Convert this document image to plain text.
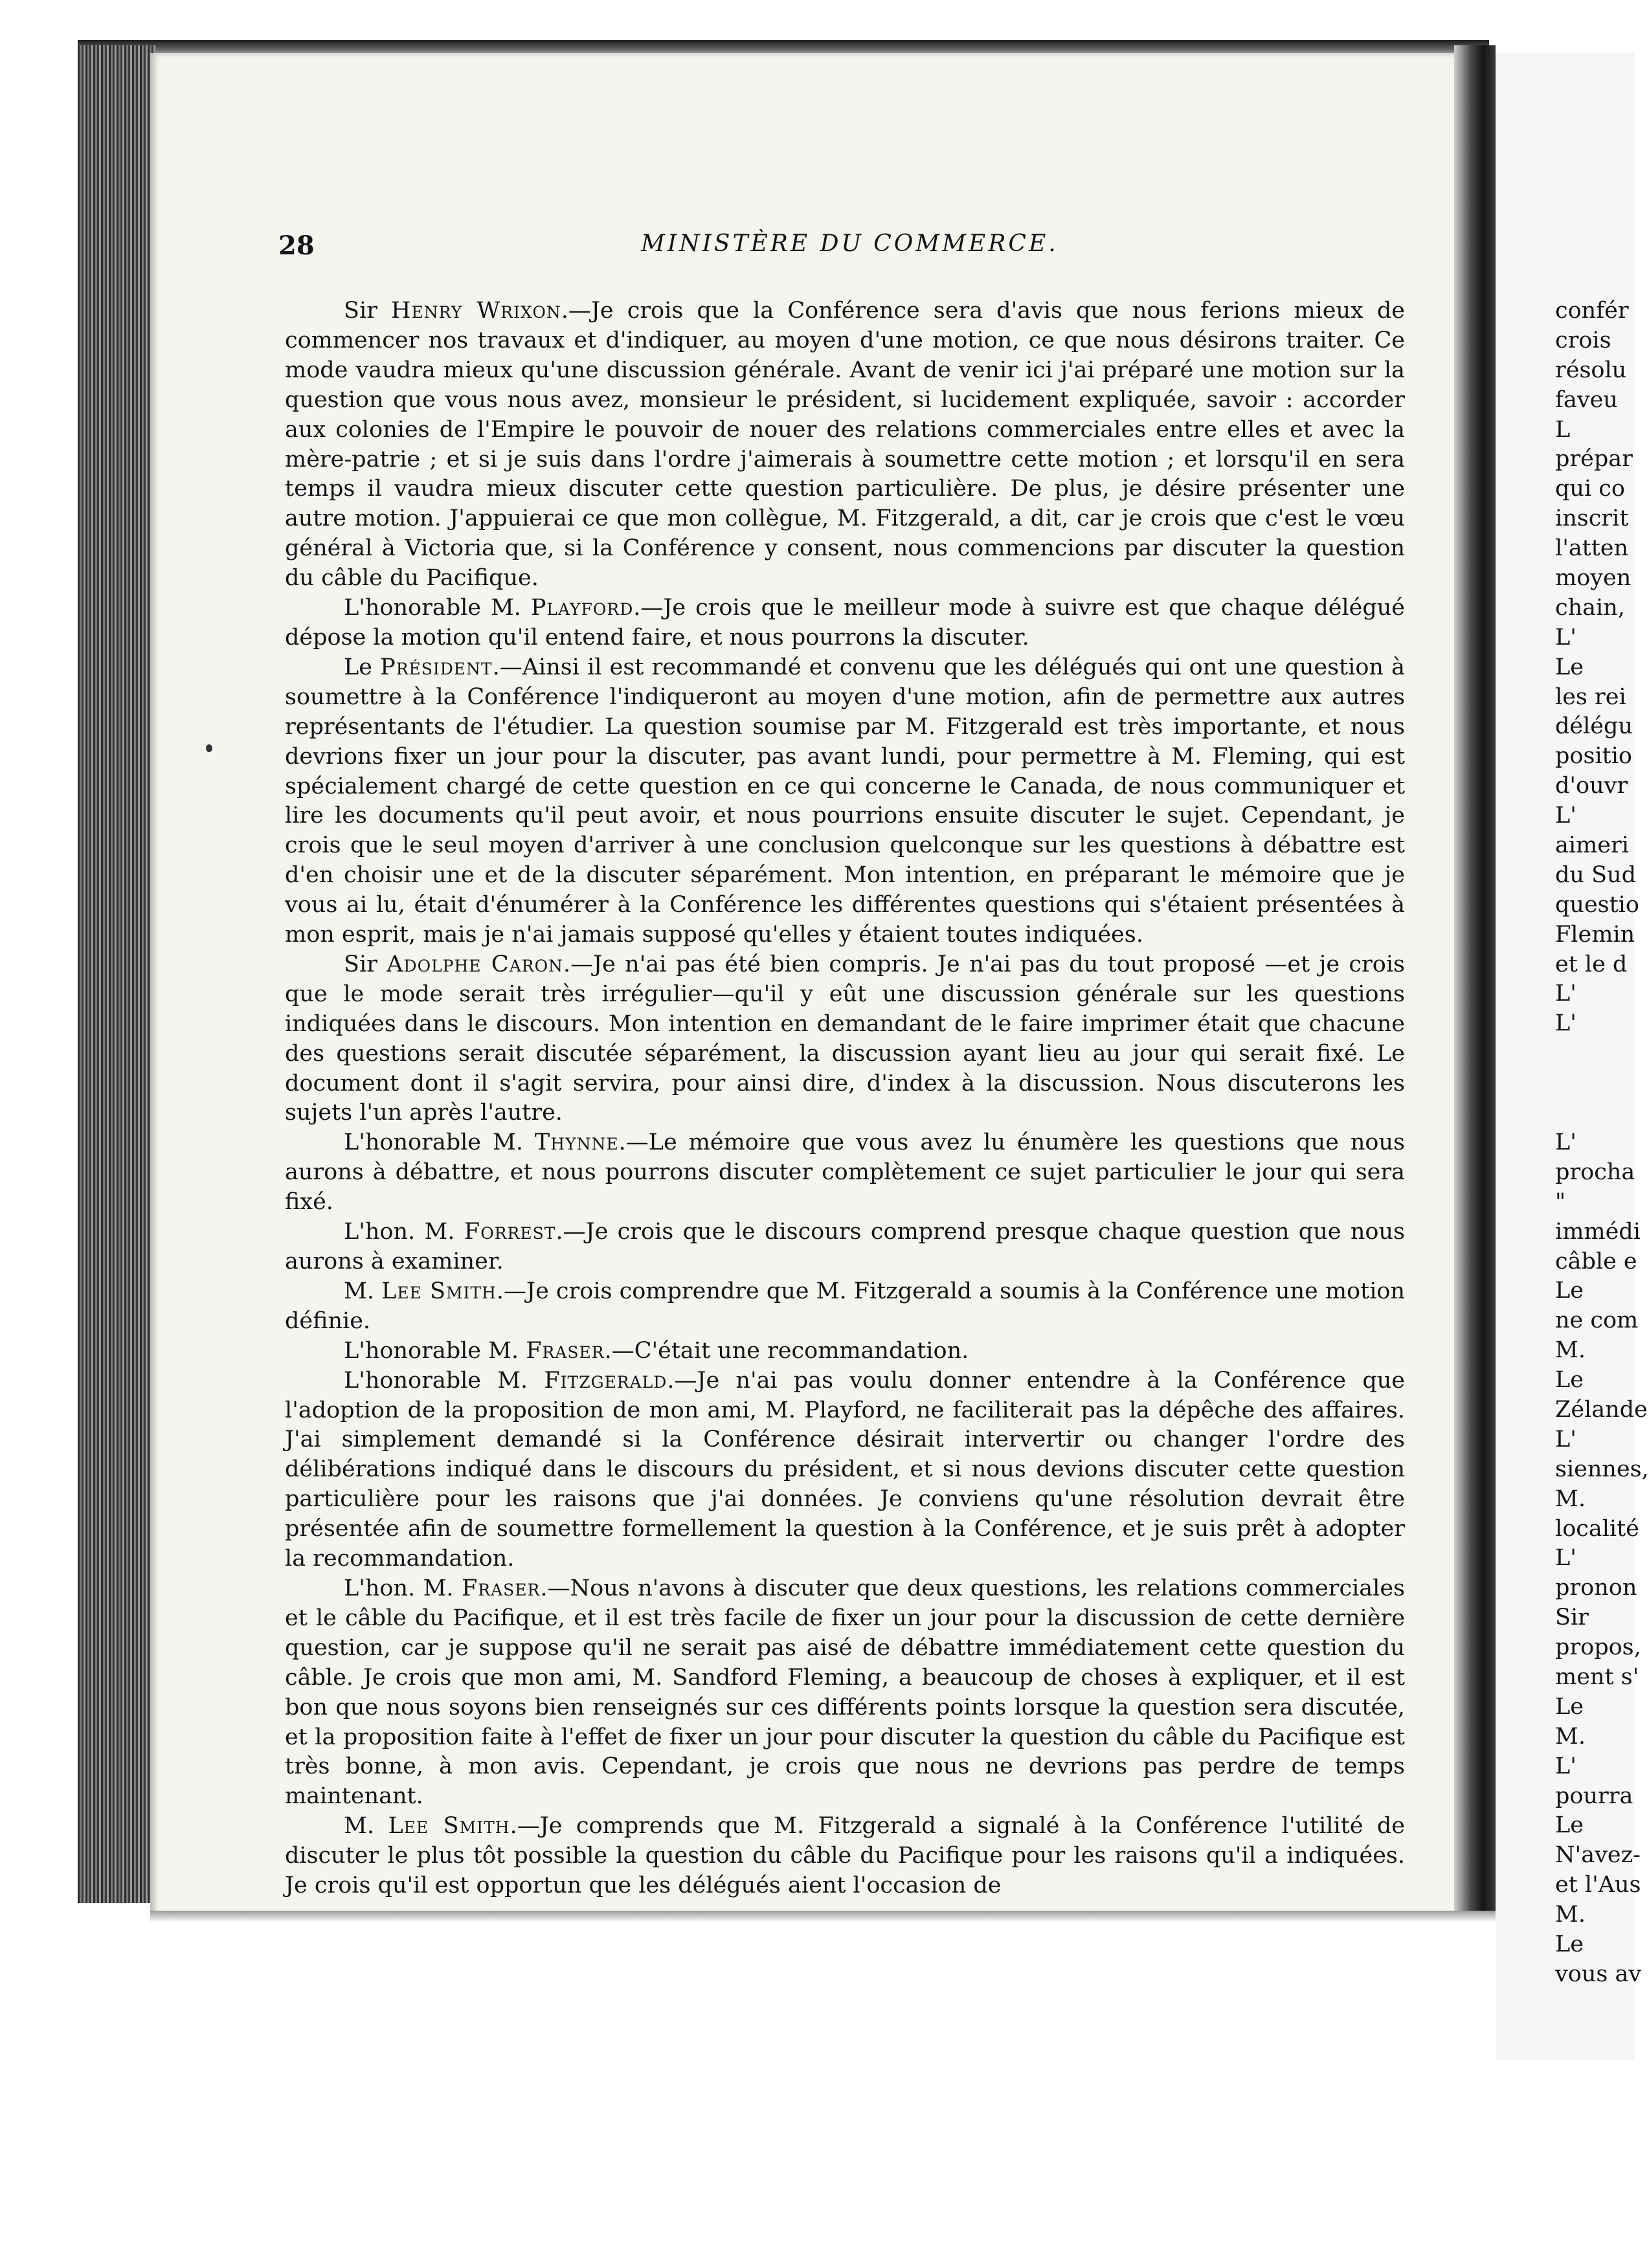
28	MINISTÈRE DU COMMERCE.

Sir Henry Wrixon.—Je crois que la Conférence sera d'avis que nous ferions mieux de commencer nos travaux et d'indiquer, au moyen d'une motion, ce que nous désirons traiter. Ce mode vaudra mieux qu'une discussion générale. Avant de venir ici j'ai préparé une motion sur la question que vous nous avez, monsieur le président, si lucidement expliquée, savoir : accorder aux colonies de l'Empire le pouvoir de nouer des relations commerciales entre elles et avec la mère-patrie ; et si je suis dans l'ordre j'aimerais à soumettre cette motion ; et lorsqu'il en sera temps il vaudra mieux discuter cette question particulière. De plus, je désire présenter une autre motion. J'appuierai ce que mon collègue, M. Fitzgerald, a dit, car je crois que c'est le vœu général à Victoria que, si la Conférence y consent, nous commencions par discuter la question du câble du Pacifique.

L'honorable M. Playford.—Je crois que le meilleur mode à suivre est que chaque délégué dépose la motion qu'il entend faire, et nous pourrons la discuter.

Le Président.—Ainsi il est recommandé et convenu que les délégués qui ont une question à soumettre à la Conférence l'indiqueront au moyen d'une motion, afin de permettre aux autres représentants de l'étudier. La question soumise par M. Fitzgerald est très importante, et nous devrions fixer un jour pour la discuter, pas avant lundi, pour permettre à M. Fleming, qui est spécialement chargé de cette question en ce qui concerne le Canada, de nous communiquer et lire les documents qu'il peut avoir, et nous pourrions ensuite discuter le sujet. Cependant, je crois que le seul moyen d'arriver à une conclusion quelconque sur les questions à débattre est d'en choisir une et de la discuter séparément. Mon intention, en préparant le mémoire que je vous ai lu, était d'énumérer à la Conférence les différentes questions qui s'étaient présentées à mon esprit, mais je n'ai jamais supposé qu'elles y étaient toutes indiquées.

Sir Adolphe Caron.—Je n'ai pas été bien compris. Je n'ai pas du tout proposé —et je crois que le mode serait très irrégulier—qu'il y eût une discussion générale sur les questions indiquées dans le discours. Mon intention en demandant de le faire imprimer était que chacune des questions serait discutée séparément, la discussion ayant lieu au jour qui serait fixé. Le document dont il s'agit servira, pour ainsi dire, d'index à la discussion. Nous discuterons les sujets l'un après l'autre.

L'honorable M. Thynne.—Le mémoire que vous avez lu énumère les questions que nous aurons à débattre, et nous pourrons discuter complètement ce sujet particulier le jour qui sera fixé.

L'hon. M. Forrest.—Je crois que le discours comprend presque chaque question que nous aurons à examiner.

M. Lee Smith.—Je crois comprendre que M. Fitzgerald a soumis à la Conférence une motion définie.

L'honorable M. Fraser.—C'était une recommandation.

L'honorable M. Fitzgerald.—Je n'ai pas voulu donner entendre à la Conférence que l'adoption de la proposition de mon ami, M. Playford, ne faciliterait pas la dépêche des affaires. J'ai simplement demandé si la Conférence désirait intervertir ou changer l'ordre des délibérations indiqué dans le discours du président, et si nous devions discuter cette question particulière pour les raisons que j'ai données. Je conviens qu'une résolution devrait être présentée afin de soumettre formellement la question à la Conférence, et je suis prêt à adopter la recommandation.

L'hon. M. Fraser.—Nous n'avons à discuter que deux questions, les relations commerciales et le câble du Pacifique, et il est très facile de fixer un jour pour la discussion de cette dernière question, car je suppose qu'il ne serait pas aisé de débattre immédiatement cette question du câble. Je crois que mon ami, M. Sandford Fleming, a beaucoup de choses à expliquer, et il est bon que nous soyons bien renseignés sur ces différents points lorsque la question sera discutée, et la proposition faite à l'effet de fixer un jour pour discuter la question du câble du Pacifique est très bonne, à mon avis. Cependant, je crois que nous ne devrions pas perdre de temps maintenant.

M. Lee Smith.—Je comprends que M. Fitzgerald a signalé à la Conférence l'utilité de discuter le plus tôt possible la question du câble du Pacifique pour les raisons qu'il a indiquées. Je crois qu'il est opportun que les délégués aient l'occasion de

confér
crois
résolu
faveu
L
prépar
qui co
inscrit
l'atten
moyen
chain,
L'
Le
les rei
délégu
positio
d'ouvr
L'
aimeri
du Sud
questio
Flemin
et le d
L'
L'
L'
procha
"
immédi
câble e
Le
ne com
M.
Le
Zélande
L'
siennes,
M.
localité
L'
pronon
Sir
propos,
ment s'
Le
M.
L'
pourra
Le
N'avez-
et l'Aus
M.
Le
vous av
